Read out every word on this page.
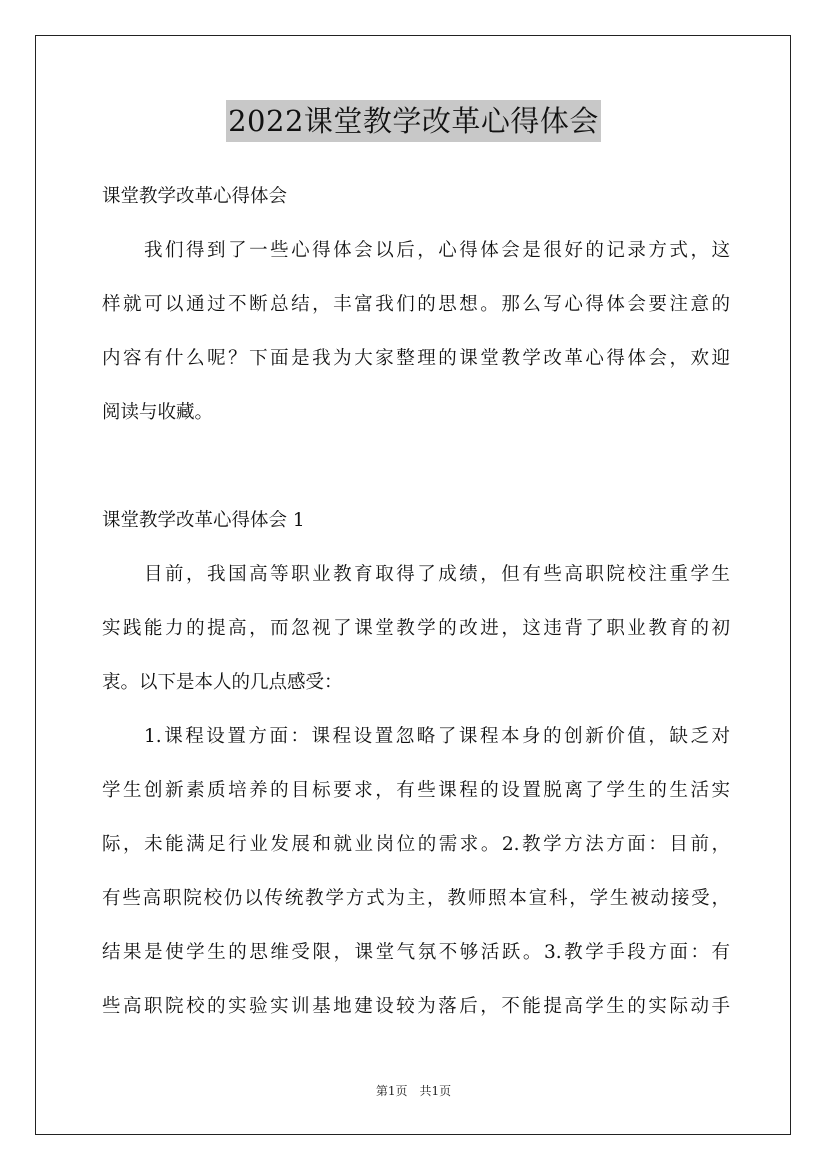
2022课堂教学改革心得体会
课堂教学改革心得体会
我们得到了一些心得体会以后，心得体会是很好的记录方式，这
样就可以通过不断总结，丰富我们的思想。那么写心得体会要注意的
内容有什么呢？下面是我为大家整理的课堂教学改革心得体会，欢迎
阅读与收藏。
课堂教学改革心得体会 1
目前，我国高等职业教育取得了成绩，但有些高职院校注重学生
实践能力的提高，而忽视了课堂教学的改进，这违背了职业教育的初
衷。以下是本人的几点感受：
1.课程设置方面：课程设置忽略了课程本身的创新价值，缺乏对
学生创新素质培养的目标要求，有些课程的设置脱离了学生的生活实
际，未能满足行业发展和就业岗位的需求。2.教学方法方面：目前，
有些高职院校仍以传统教学方式为主，教师照本宣科，学生被动接受，
结果是使学生的思维受限，课堂气氛不够活跃。3.教学手段方面：有
些高职院校的实验实训基地建设较为落后，不能提高学生的实际动手
第1页　共1页
